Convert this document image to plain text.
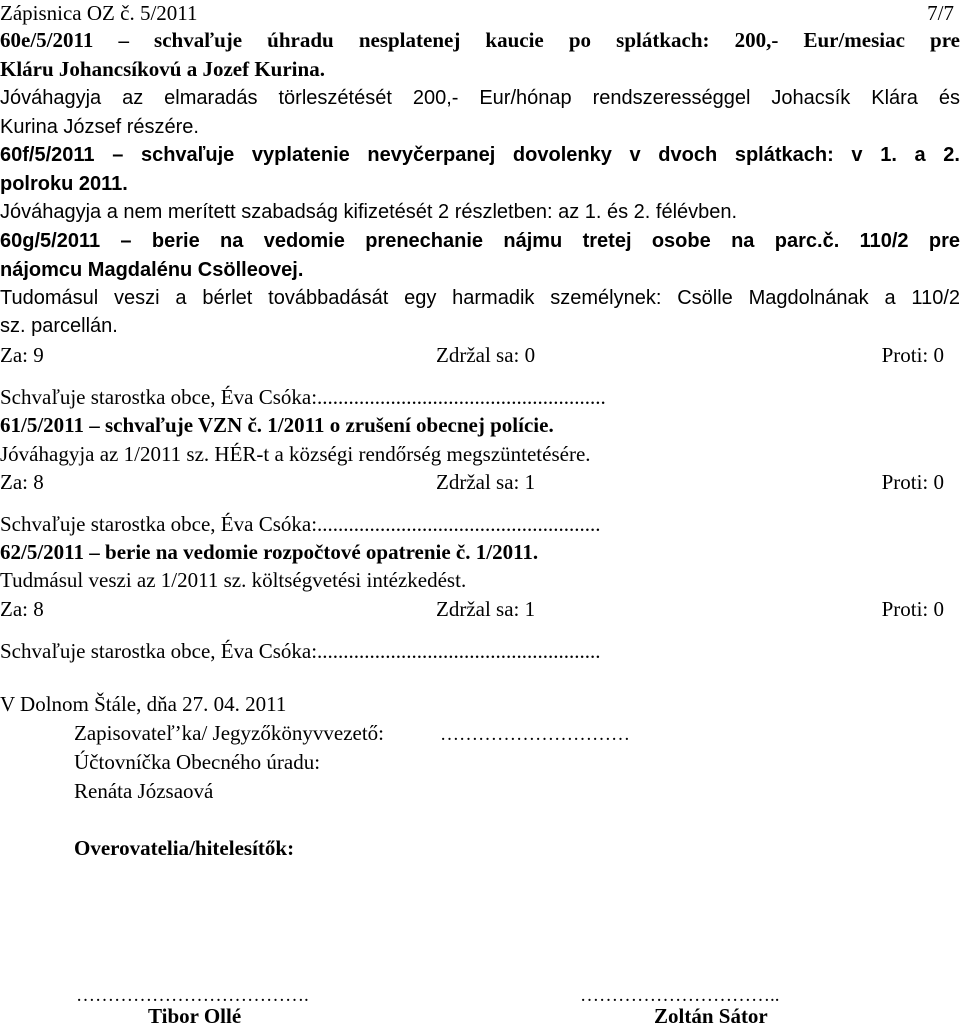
Zápisnica OZ č. 5/2011	7/7
60e/5/2011 – schvaľuje úhradu nesplatenej kaucie po splátkach: 200,- Eur/mesiac pre
Kláru Johancsíkovú a Jozef Kurina.
Jóváhagyja az elmaradás törleszétését 200,- Eur/hónap rendszerességgel Johacsík Klára és
Kurina József részére.
60f/5/2011 – schvaľuje vyplatenie nevyčerpanej dovolenky v dvoch splátkach: v 1. a 2.
polroku 2011.
Jóváhagyja a nem merített szabadság kifizetését 2 részletben: az 1. és 2. félévben.
60g/5/2011 – berie na vedomie prenechanie nájmu tretej osobe na parc.č. 110/2 pre
nájomcu Magdalénu Csölleovej.
Tudomásul veszi a bérlet továbbadását egy harmadik személynek: Csölle Magdolnának a 110/2
sz. parcellán.
Za: 9	Zdržal sa: 0	Proti: 0
Schvaľuje starostka obce, Éva Csóka:.......................................................
61/5/2011 – schvaľuje VZN č. 1/2011 o zrušení obecnej polície.
Jóváhagyja az 1/2011 sz. HÉR-t a községi rendőrség megszüntetésére.
Za: 8	Zdržal sa: 1	Proti: 0
Schvaľuje starostka obce, Éva Csóka:......................................................
62/5/2011 – berie na vedomie rozpočtové opatrenie č. 1/2011.
Tudmásul veszi az 1/2011 sz. költségvetési intézkedést.
Za: 8	Zdržal sa: 1	Proti: 0
Schvaľuje starostka obce, Éva Csóka:......................................................
V Dolnom Štále, dňa 27. 04. 2011
Zapisovateľ’ka/ Jegyzőkönyvvezető:	…………………………
Účtovníčka Obecného úradu:
Renáta Józsaová
Overovatelia/hitelesítők:
……………………………….
Tibor Ollé
…………………………..
Zoltán Sátor
